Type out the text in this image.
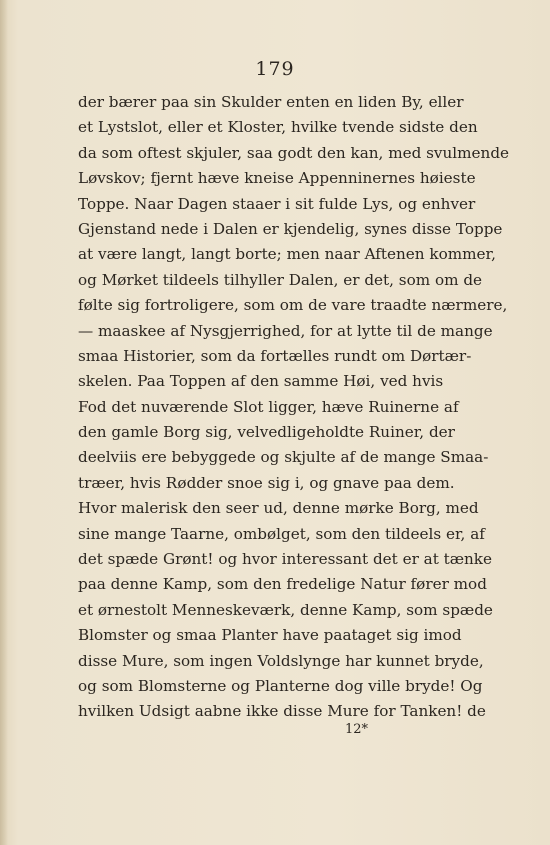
179
der bærer paa sin Skulder enten en liden By, eller
et Lystslot, eller et Kloster, hvilke tvende sidste den
da som oftest skjuler, saa godt den kan, med svulmende
Løvskov; fjernt hæve kneise Appenninernes høieste
Toppe. Naar Dagen staaer i sit fulde Lys, og enhver
Gjenstand nede i Dalen er kjendelig, synes disse Toppe
at være langt, langt borte; men naar Aftenen kommer,
og Mørket tildeels tilhyller Dalen, er det, som om de
følte sig fortroligere, som om de vare traadte nærmere,
— maaskee af Nysgjerrighed, for at lytte til de mange
smaa Historier, som da fortælles rundt om Dørtær-
skelen. Paa Toppen af den samme Høi, ved hvis
Fod det nuværende Slot ligger, hæve Ruinerne af
den gamle Borg sig, velvedligeholdte Ruiner, der
deelviis ere bebyggede og skjulte af de mange Smaa-
træer, hvis Rødder snoe sig i, og gnave paa dem.
Hvor malerisk den seer ud, denne mørke Borg, med
sine mange Taarne, ombølget, som den tildeels er, af
det spæde Grønt! og hvor interessant det er at tænke
paa denne Kamp, som den fredelige Natur fører mod
et ørnestolt Menneskeværk, denne Kamp, som spæde
Blomster og smaa Planter have paataget sig imod
disse Mure, som ingen Voldslynge har kunnet bryde,
og som Blomsterne og Planterne dog ville bryde! Og
hvilken Udsigt aabne ikke disse Mure for Tanken! de
12*
